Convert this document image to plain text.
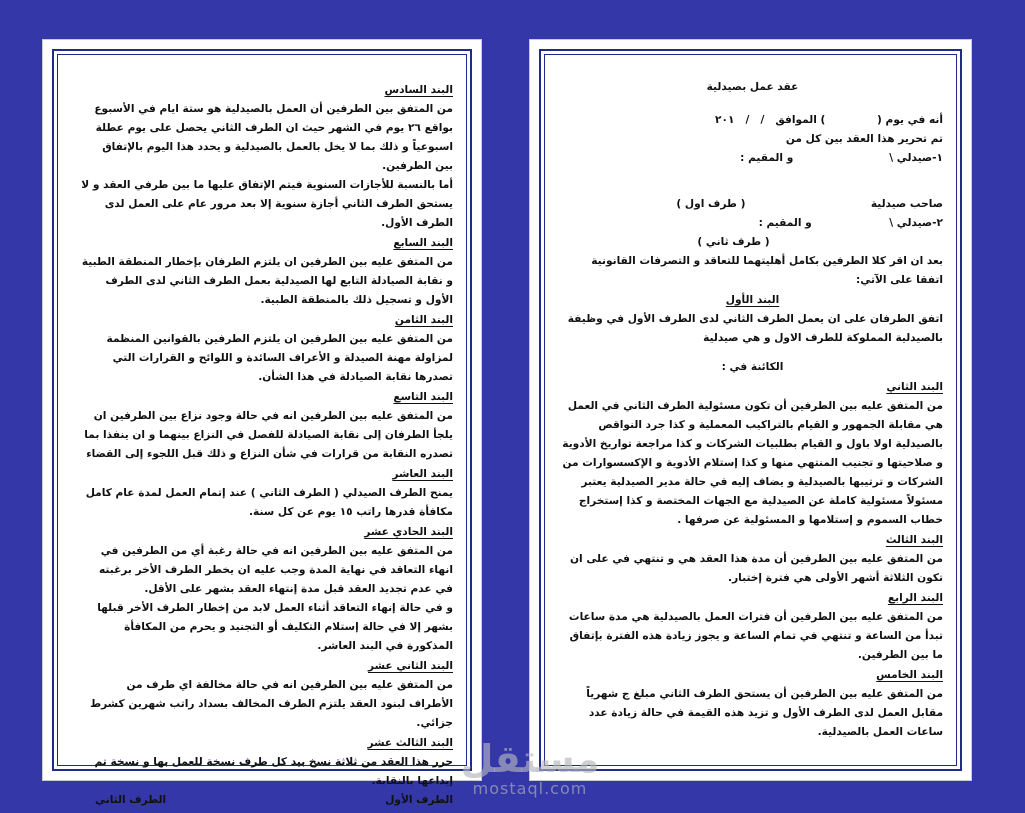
البند السادس

من المتفق بين الطرفين أن العمل بالصيدلية هو ستة ايام في الأسبوع بواقع ٢٦ يوم في الشهر حيث ان الطرف الثاني يحصل على يوم عطلة اسبوعياً و ذلك بما لا يخل بالعمل بالصيدلية و يحدد هذا اليوم بالإتفاق بين الطرفين.

أما بالنسبة للأجازات السنوية فيتم الإتفاق عليها ما بين طرفي العقد و لا يستحق الطرف الثاني أجازة سنوية إلا بعد مرور عام على العمل لدى الطرف الأول.

البند السابع

من المتفق عليه بين الطرفين ان يلتزم الطرفان بإخطار المنطقة الطبية و نقابة الصيادلة التابع لها الصيدلية بعمل الطرف الثاني لدى الطرف الأول و تسجيل ذلك بالمنطقة الطبية.

البند الثامن

من المتفق عليه بين الطرفين ان يلتزم الطرفين بالقوانين المنظمة لمزاولة مهنة الصيدلة و الأعراف السائدة و اللوائح و القرارات التي تصدرها نقابة الصيادلة في هذا الشأن.

البند التاسع

من المتفق عليه بين الطرفين انه في حالة وجود نزاع بين الطرفين ان يلجأ الطرفان إلى نقابة الصيادلة للفصل في النزاع بينهما و ان ينفذا بما تصدره النقابة من قرارات في شأن النزاع و ذلك قبل اللجوء إلى القضاء

البند العاشر

يمنح الطرف الصيدلي ( الطرف الثاني ) عند إتمام العمل لمدة عام كامل مكافأة قدرها راتب ١٥ يوم عن كل سنة.

البند الحادي عشر

من المتفق عليه بين الطرفين انه في حالة رغبة أي من الطرفين في انهاء التعاقد في نهاية المدة وجب عليه ان يخطر الطرف الأخر برغبته في عدم تجديد العقد قبل مدة إنتهاء العقد بشهر على الأقل.

و في حالة إنهاء التعاقد أثناء العمل لابد من إخطار الطرف الأخر قبلها بشهر إلا في حالة إستلام التكليف أو التجنيد و يحرم من المكافأة المذكورة في البند العاشر.

البند الثاني عشر

من المتفق عليه بين الطرفين انه في حالة مخالفة اي طرف من الأطراف لبنود العقد يلتزم الطرف المخالف بسداد راتب شهرين كشرط جزائي.

البند الثالث عشر

حرر هذا العقد من ثلاثة نسخ بيد كل طرف نسخة للعمل بها و نسخة تم إيداعها بالنقابة.

الطرف الأول
الطرف الثاني
عقد عمل بصيدلية

أنه في يوم (              ) الموافق   /   /   ٢٠١

تم تحرير هذا العقد بين كل من

١-صيدلي \                          و المقيم :

صاحب صيدلية                                  ( طرف اول )

٢-صيدلي \                     و المقيم :

( طرف ثاني )

بعد ان اقر كلا الطرفين بكامل أهليتهما للتعاقد و التصرفات القانونية اتفقا على الآتي:

البند الأول

اتفق الطرفان على ان يعمل الطرف الثاني لدى الطرف الأول في وظيفة بالصيدلية المملوكة للطرف الاول و هي صيدلية

الكائنة في :

البند الثاني

من المتفق عليه بين الطرفين أن تكون مسئولية الطرف الثاني في العمل هي مقابلة الجمهور و القيام بالتراكيب المعملية و كذا جرد النواقص بالصيدلية اولا باول و القيام بطلبيات الشركات و كذا مراجعة تواريخ الأدوية و صلاحيتها و تجنيب المنتهي منها و كذا إستلام الأدوية و الإكسسوارات من الشركات و ترتيبها بالصيدلية و يضاف إليه في حالة مدير الصيدلية يعتبر مسئولاً مسئولية كاملة عن الصيدلية مع الجهات المختصة و كذا إستخراج خطاب السموم و إستلامها و المسئولية عن صرفها .

البند الثالث

من المتفق عليه بين الطرفين أن مدة هذا العقد هي و تنتهي في على ان تكون الثلاثة أشهر الأولى هي فترة إختبار.

البند الرابع

من المتفق عليه بين الطرفين أن فترات العمل بالصيدلية هي مدة ساعات تبدأ من الساعة و تنتهي في تمام الساعة و يجوز زيادة هذه الفترة بإتفاق ما بين الطرفين.

البند الخامس

من المتفق عليه بين الطرفين أن يستحق الطرف الثاني مبلغ ج شهرياً مقابل العمل لدى الطرف الأول و تزيد هذه القيمة في حالة زيادة عدد ساعات العمل بالصيدلية.

مستقل
mostaql.com
